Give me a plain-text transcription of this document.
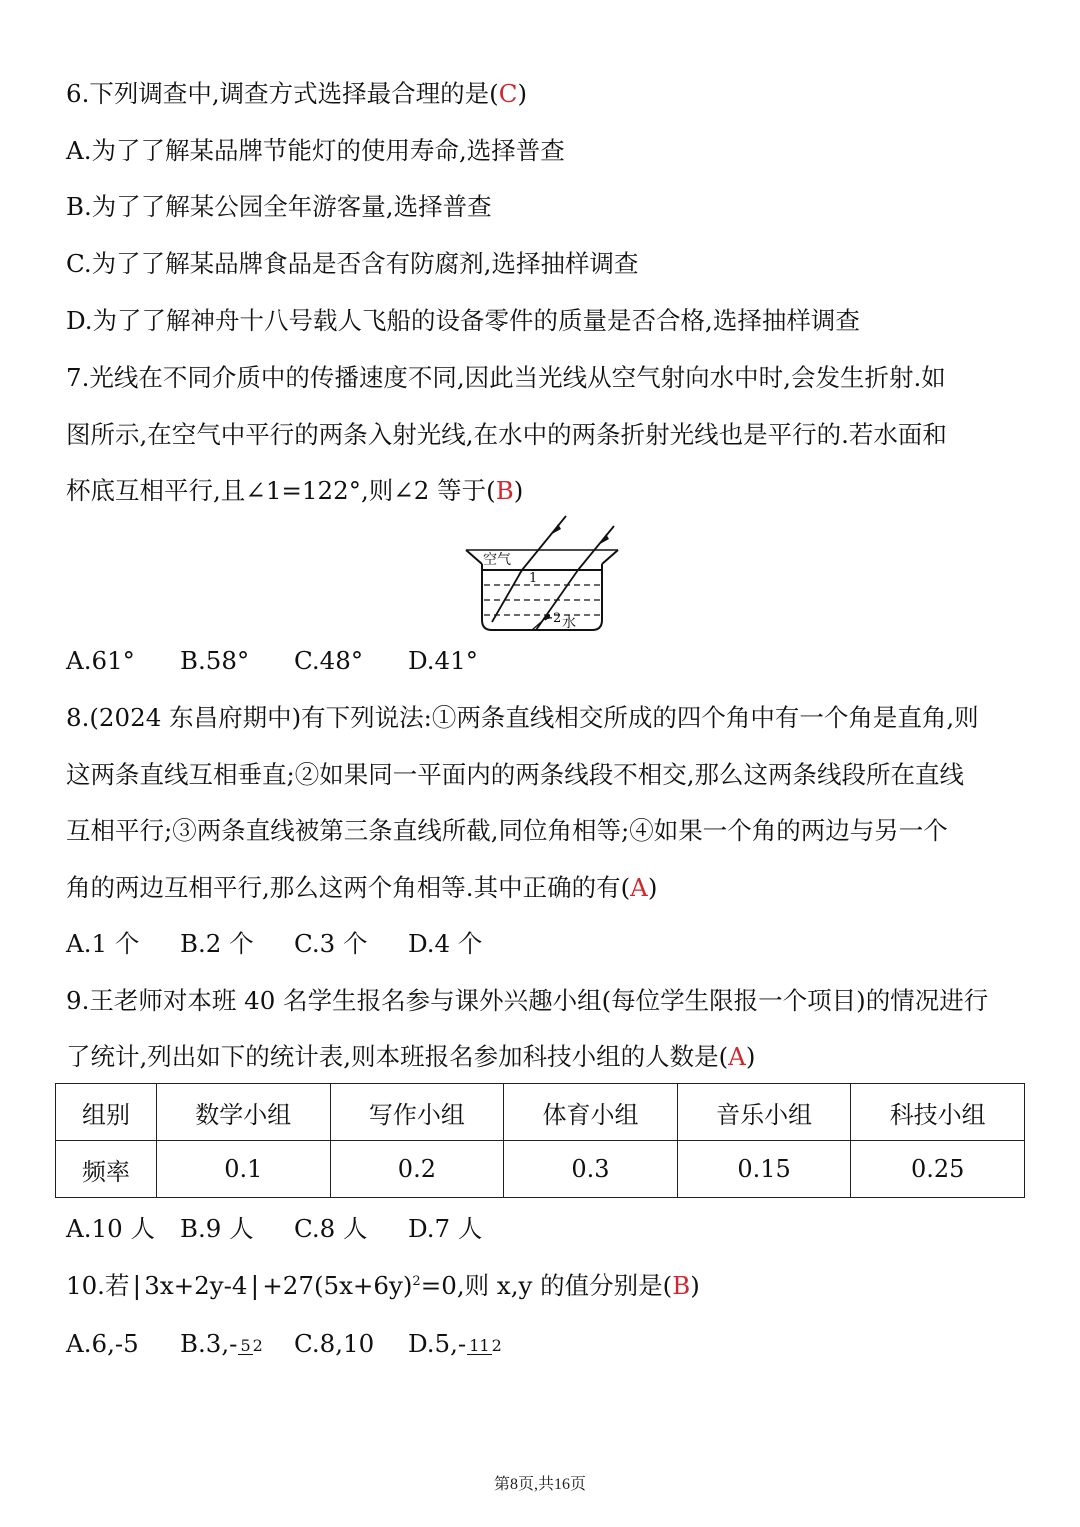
6.下列调查中,调查方式选择最合理的是(C)
A.为了了解某品牌节能灯的使用寿命,选择普查
B.为了了解某公园全年游客量,选择普查
C.为了了解某品牌食品是否含有防腐剂,选择抽样调查
D.为了了解神舟十八号载人飞船的设备零件的质量是否合格,选择抽样调查
7.光线在不同介质中的传播速度不同,因此当光线从空气射向水中时,会发生折射.如
图所示,在空气中平行的两条入射光线,在水中的两条折射光线也是平行的.若水面和
杯底互相平行,且∠1=122°,则∠2 等于(B)
空气
1
2 水
A.61° B.58° C.48° D.41°
8.(2024 东昌府期中)有下列说法:①两条直线相交所成的四个角中有一个角是直角,则
这两条直线互相垂直;②如果同一平面内的两条线段不相交,那么这两条线段所在直线
互相平行;③两条直线被第三条直线所截,同位角相等;④如果一个角的两边与另一个
角的两边互相平行,那么这两个角相等.其中正确的有(A)
A.1 个 B.2 个 C.3 个 D.4 个
9.王老师对本班 40 名学生报名参与课外兴趣小组(每位学生限报一个项目)的情况进行
了统计,列出如下的统计表,则本班报名参加科技小组的人数是(A)
组别	数学小组	写作小组	体育小组	音乐小组	科技小组
频率	0.1	0.2	0.3	0.15	0.25
A.10 人 B.9 人 C.8 人 D.7 人
10.若$|3x+2y-4|+27(5x+6y)^2=0$,则 x,y 的值分别是(B)
A.6,-5 B.3,- 5 2 C.8,10 D.5,- 11 2
第8页,共16页
